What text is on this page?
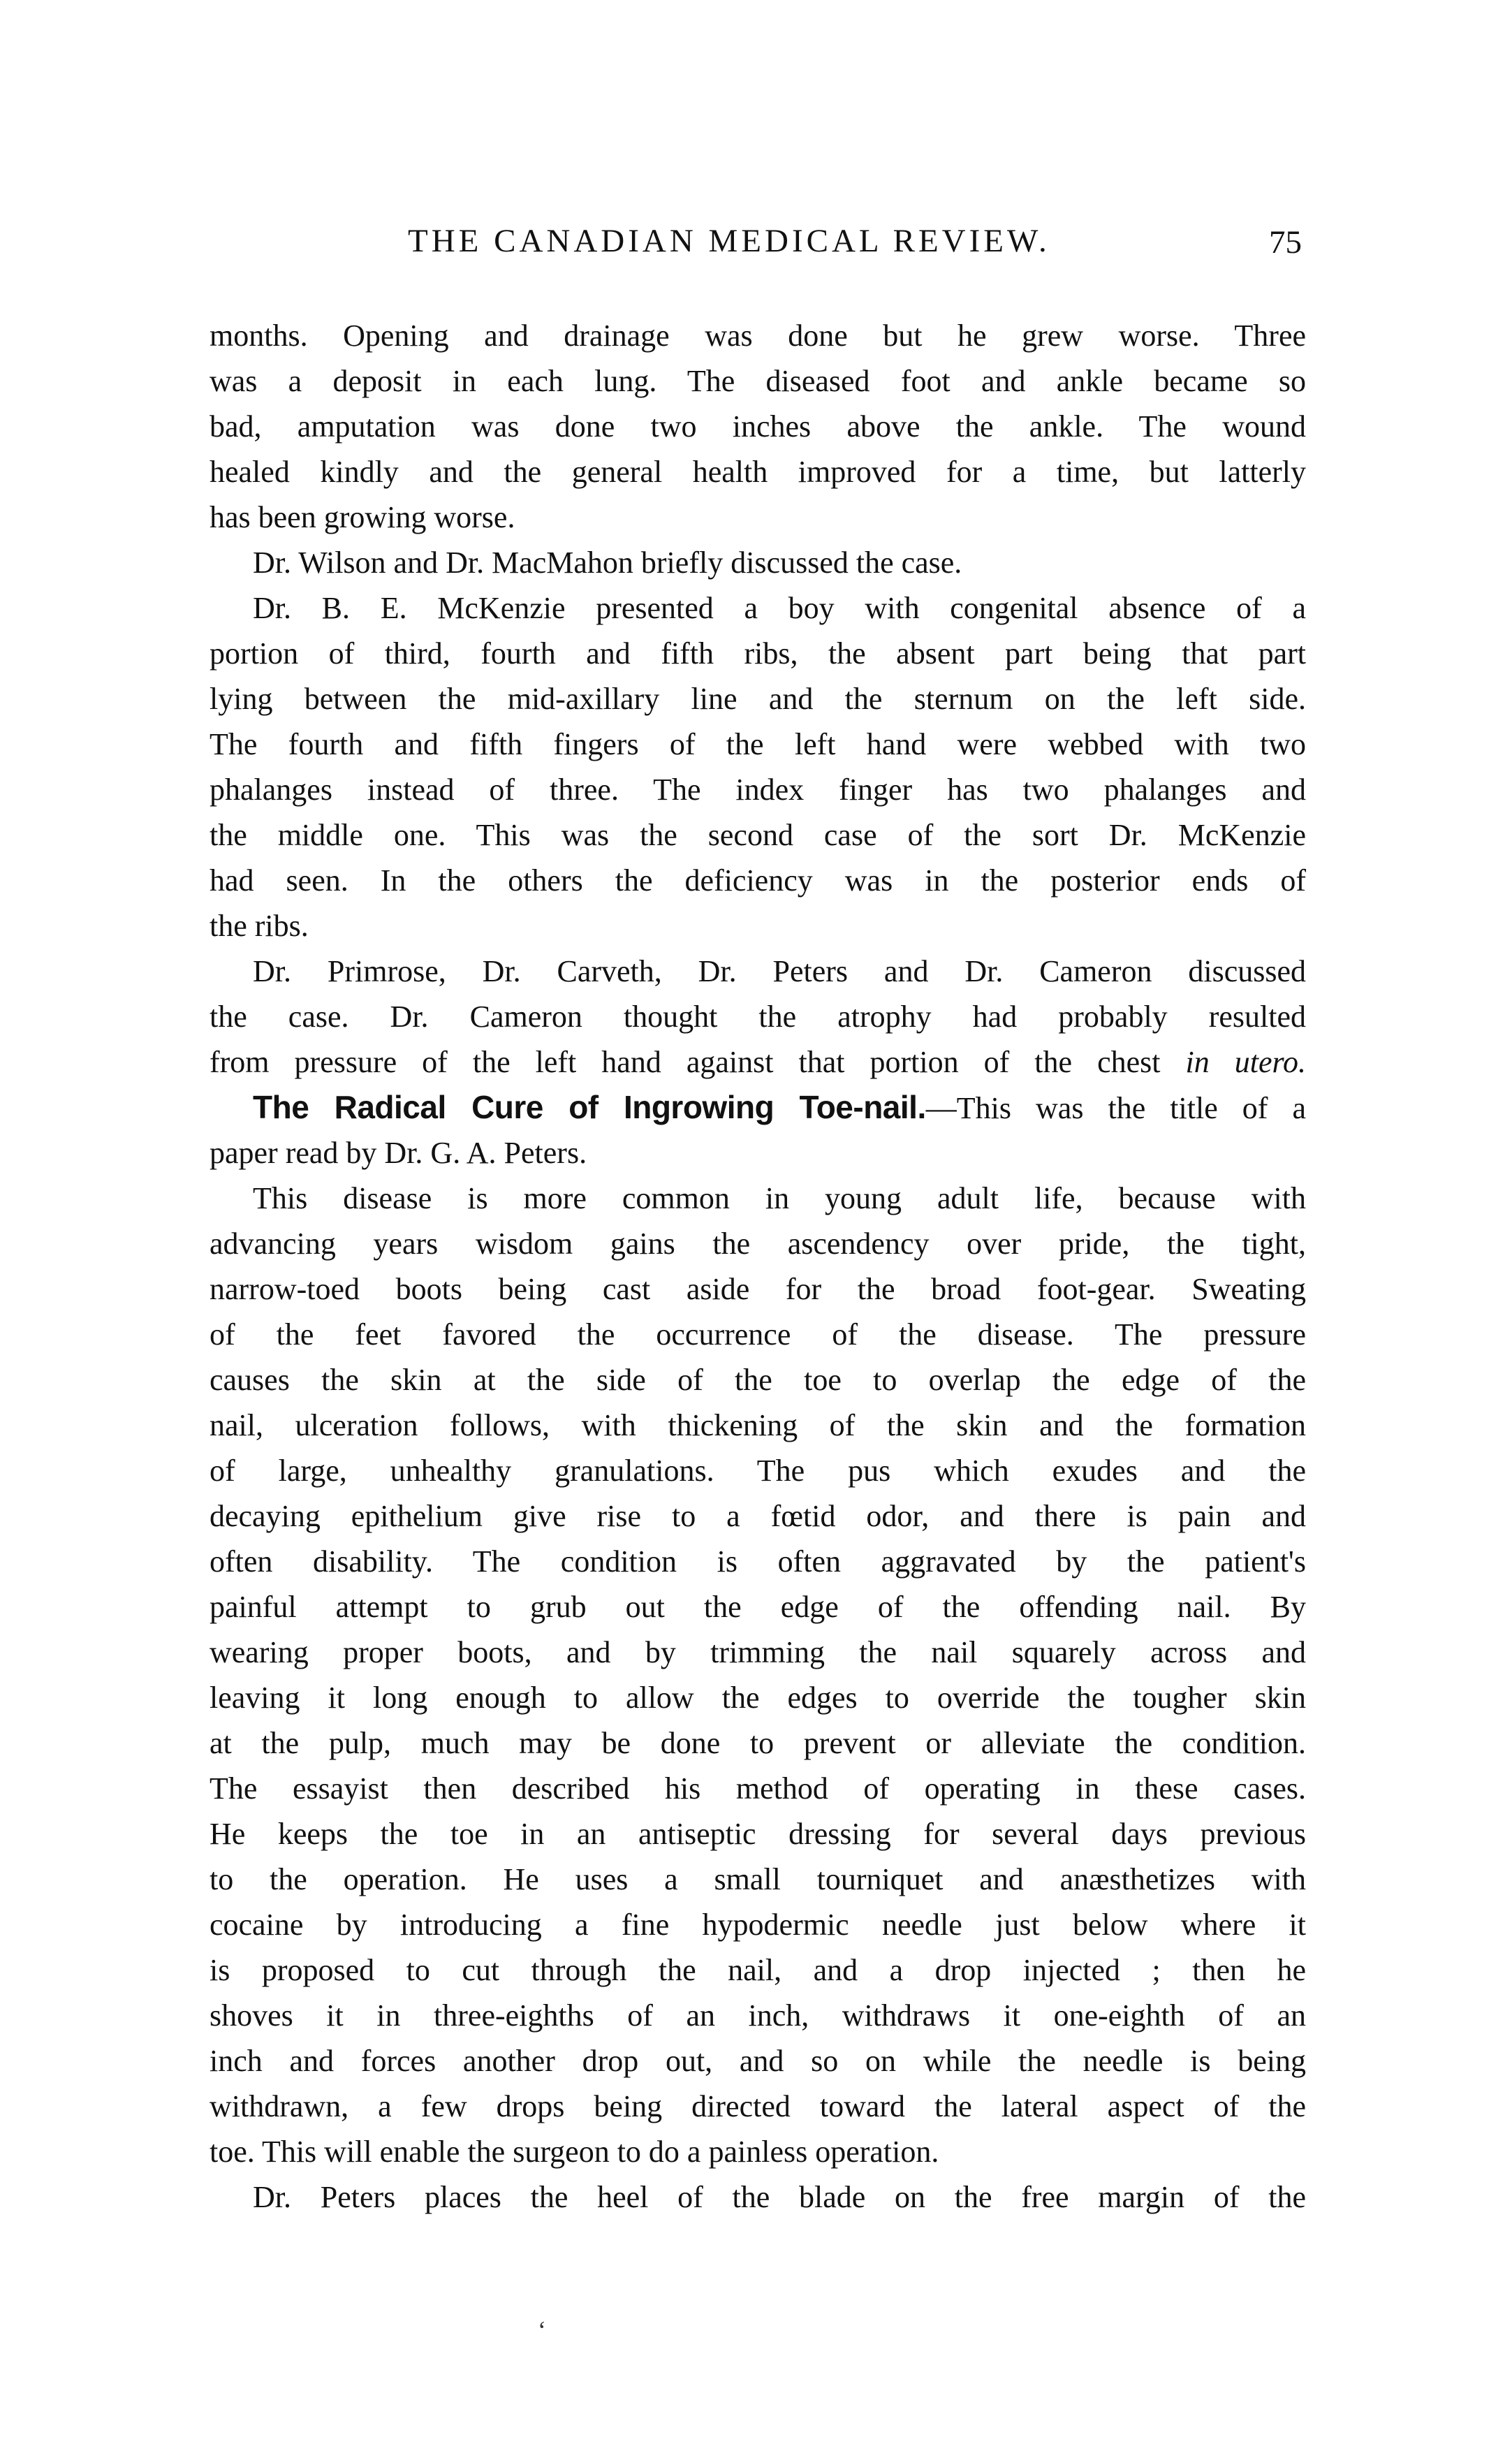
THE CANADIAN MEDICAL REVIEW.	75
months. Opening and drainage was done but he grew worse. Three
was a deposit in each lung. The diseased foot and ankle became so
bad, amputation was done two inches above the ankle. The wound
healed kindly and the general health improved for a time, but latterly
has been growing worse.
Dr. Wilson and Dr. MacMahon briefly discussed the case.
Dr. B. E. McKenzie presented a boy with congenital absence of a
portion of third, fourth and fifth ribs, the absent part being that part
lying between the mid-axillary line and the sternum on the left side.
The fourth and fifth fingers of the left hand were webbed with two
phalanges instead of three. The index finger has two phalanges and
the middle one. This was the second case of the sort Dr. McKenzie
had seen. In the others the deficiency was in the posterior ends of
the ribs.
Dr. Primrose, Dr. Carveth, Dr. Peters and Dr. Cameron discussed
the case. Dr. Cameron thought the atrophy had probably resulted
from pressure of the left hand against that portion of the chest in utero.
The Radical Cure of Ingrowing Toe-nail.—This was the title of a
paper read by Dr. G. A. Peters.
This disease is more common in young adult life, because with
advancing years wisdom gains the ascendency over pride, the tight,
narrow-toed boots being cast aside for the broad foot-gear. Sweating
of the feet favored the occurrence of the disease. The pressure
causes the skin at the side of the toe to overlap the edge of the
nail, ulceration follows, with thickening of the skin and the formation
of large, unhealthy granulations. The pus which exudes and the
decaying epithelium give rise to a fœtid odor, and there is pain and
often disability. The condition is often aggravated by the patient's
painful attempt to grub out the edge of the offending nail. By
wearing proper boots, and by trimming the nail squarely across and
leaving it long enough to allow the edges to override the tougher skin
at the pulp, much may be done to prevent or alleviate the condition.
The essayist then described his method of operating in these cases.
He keeps the toe in an antiseptic dressing for several days previous
to the operation. He uses a small tourniquet and anæsthetizes with
cocaine by introducing a fine hypodermic needle just below where it
is proposed to cut through the nail, and a drop injected ; then he
shoves it in three-eighths of an inch, withdraws it one-eighth of an
inch and forces another drop out, and so on while the needle is being
withdrawn, a few drops being directed toward the lateral aspect of the
toe. This will enable the surgeon to do a painless operation.
Dr. Peters places the heel of the blade on the free margin of the
ʻ
